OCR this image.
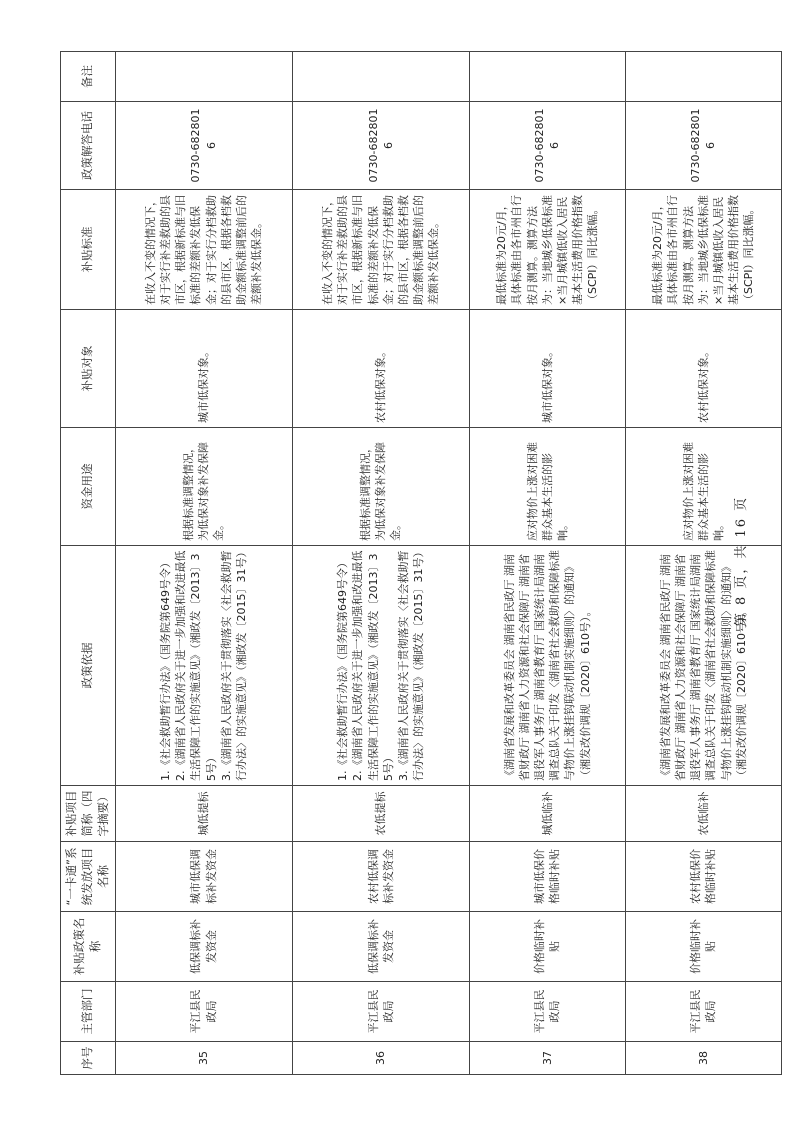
序号	主管部门	补贴政策名称	“一卡通”系统发放项目名称	补贴项目简称（四字摘要）	政策依据	资金用途	补贴对象	补贴标准	政策解答电话	备注
35	平江县民政局	低保调标补发资金	城市低保调标补发资金	城低提标	1.《社会救助暂行办法》（国务院第649号令） 2.《湖南省人民政府关于进一步加强和改进最低生活保障工作的实施意见》（湘政发〔2013〕35号） 3.《湖南省人民政府关于贯彻落实〈社会救助暂行办法〉的实施意见》（湘政发〔2015〕31号）	根据标准调整情况，为低保对象补发保障金。	城市低保对象。	在收入不变的情况下，对于实行补差救助的县市区，根据新标准与旧标准的差额补发低保金；对于实行分档救助的县市区，根据各档救助金额标准调整前后的差额补发低保金。	0730-6828016	
36	平江县民政局	低保调标补发资金	农村低保调标补发资金	农低提标	1.《社会救助暂行办法》（国务院第649号令） 2.《湖南省人民政府关于进一步加强和改进最低生活保障工作的实施意见》（湘政发〔2013〕35号） 3.《湖南省人民政府关于贯彻落实〈社会救助暂行办法〉的实施意见》（湘政发〔2015〕31号）	根据标准调整情况，为低保对象补发保障金。	农村低保对象。	在收入不变的情况下，对于实行补差救助的县市区，根据新标准与旧标准的差额补发低保金；对于实行分档救助的县市区，根据各档救助金额标准调整前后的差额补发低保金。	0730-6828016	
37	平江县民政局	价格临时补贴	城市低保价格临时补贴	城低临补	《湖南省发展和改革委员会 湖南省民政厅 湖南省财政厅 湖南省人力资源和社会保障厅 湖南省退役军人事务厅 湖南省教育厅 国家统计局湖南调查总队关于印发〈湖南省社会救助和保障标准与物价上涨挂钩联动机制实施细则〉的通知》（湘发改价调规〔2020〕610号）。	应对物价上涨对困难群众基本生活的影响。	城市低保对象。	最低标准为20元/月，具体标准由各市州自行按月测算。测算方法为：当地城乡低保标准×当月城镇低收入居民基本生活费用价格指数（SCPI）同比涨幅。	0730-6828016	
38	平江县民政局	价格临时补贴	农村低保价格临时补贴	农低临补	《湖南省发展和改革委员会 湖南省民政厅 湖南省财政厅 湖南省人力资源和社会保障厅 湖南省退役军人事务厅 湖南省教育厅 国家统计局湖南调查总队关于印发〈湖南省社会救助和保障标准与物价上涨挂钩联动机制实施细则〉的通知》（湘发改价调规〔2020〕610号）。	应对物价上涨对困难群众基本生活的影响。	农村低保对象。	最低标准为20元/月，具体标准由各市州自行按月测算。测算方法为：当地城乡低保标准×当月城镇低收入居民基本生活费用价格指数（SCPI）同比涨幅。	0730-6828016	
第 8 页，共 16 页
